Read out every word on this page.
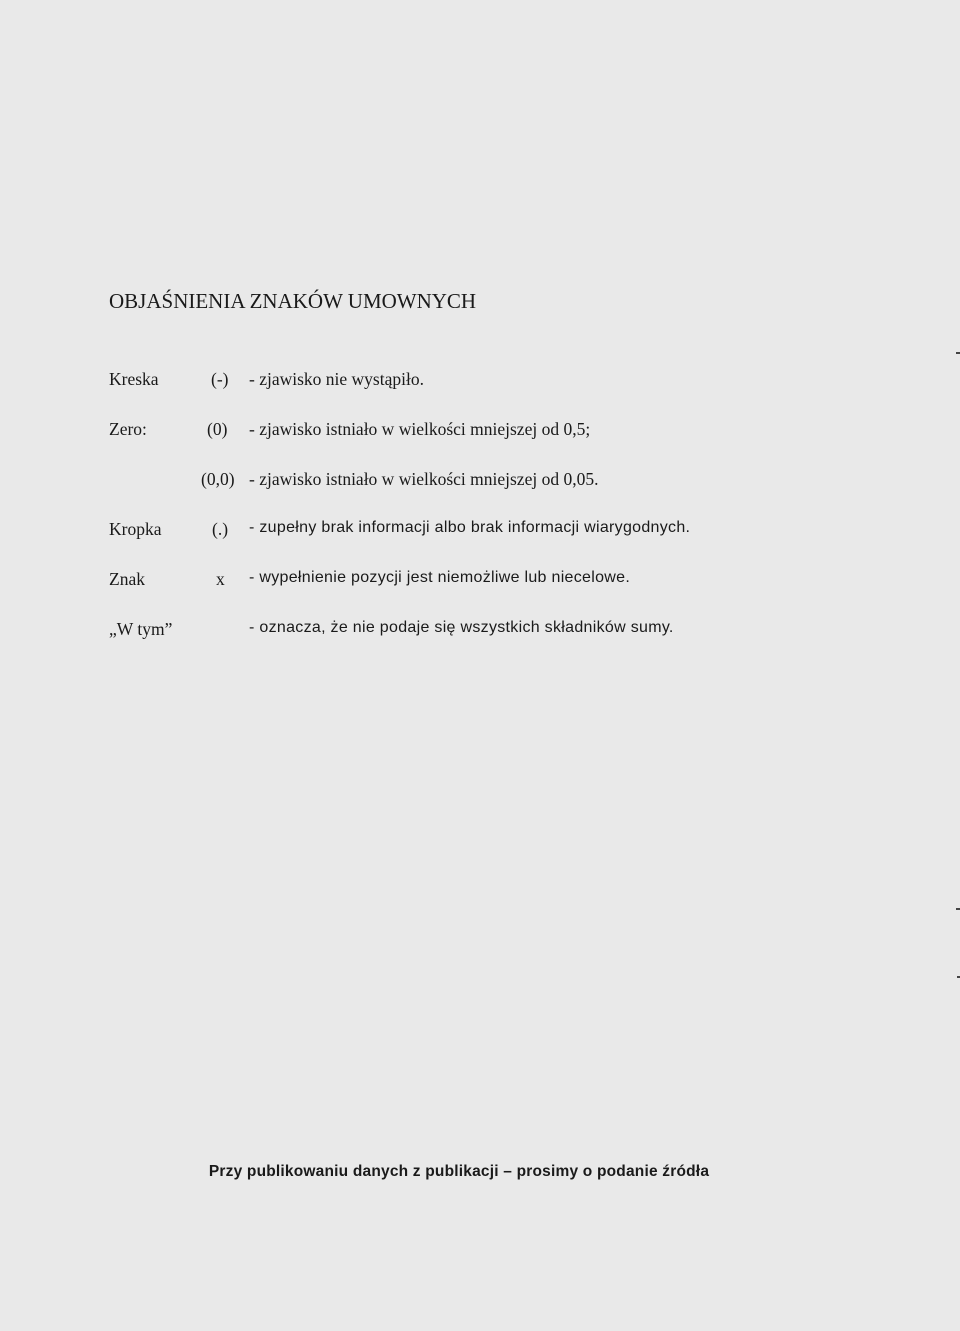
OBJAŚNIENIA ZNAKÓW UMOWNYCH
Kreska	(-) - zjawisko nie wystąpiło.
Zero:	(0) - zjawisko istniało w wielkości mniejszej od 0,5;
(0,0) - zjawisko istniało w wielkości mniejszej od 0,05.
Kropka	(.) - zupełny brak informacji albo brak informacji wiarygodnych.
Znak	x - wypełnienie pozycji jest niemożliwe lub niecelowe.
„W tym”	- oznacza, że nie podaje się wszystkich składników sumy.
Przy publikowaniu danych z publikacji – prosimy o podanie źródła
